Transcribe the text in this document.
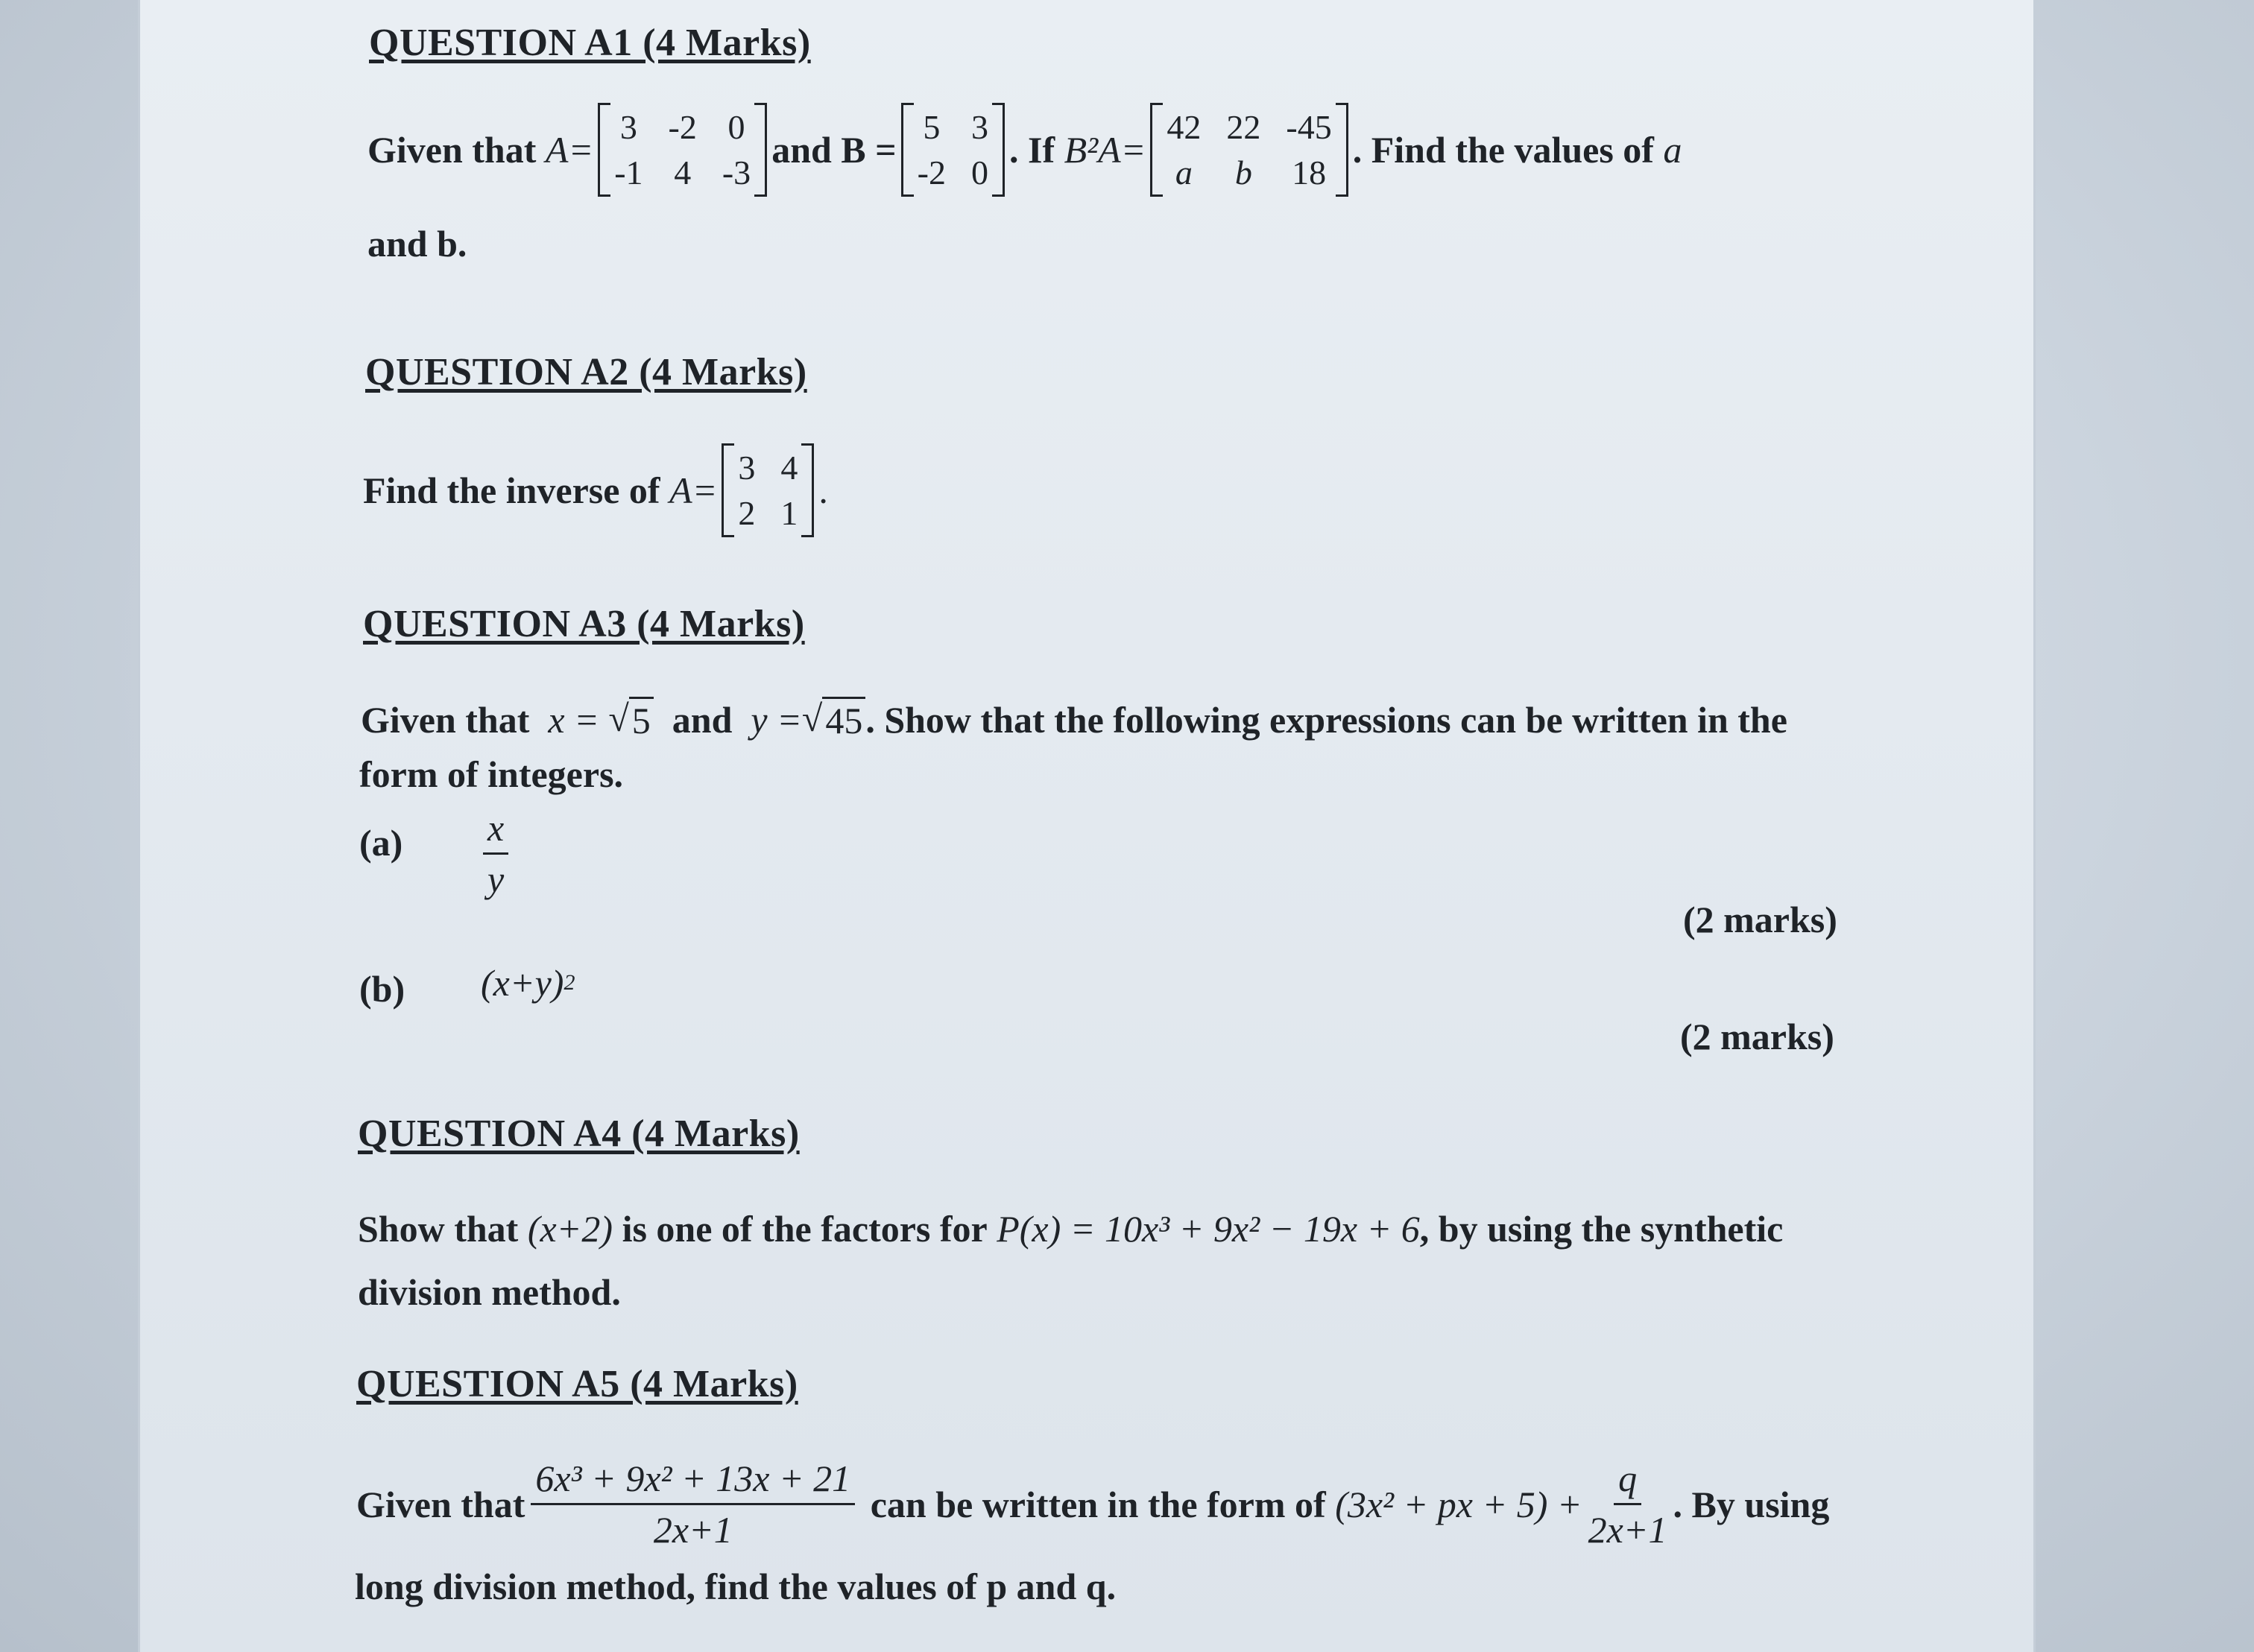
QUESTION A1 (4 Marks)
Given that
A=
3 -2 0
-1 4 -3
and B =
5 3
-2 0
. If
B²A=
42 22 -45
a b 18
. Find the values of
a
and b.
QUESTION A2 (4 Marks)
Find the inverse of
A=
3 4
2 1
.
QUESTION A3 (4 Marks)
Given that
x =
√ 5
and
y = √ 45 . Show that the following expressions can be written in the
form of integers.
$(a) \frac{x}{y}$
(2 marks)
(b) (x+y) 2
(2 marks)
QUESTION A4 (4 Marks)
Show that
(x+2)
is one of the factors for
P(x) = 10x³ + 9x² − 19x + 6 , by using the synthetic
division method.
QUESTION A5 (4 Marks)
Given that $\frac{\text{6x³ + 9x² + 13x + 21}}{2x+1}$
can be written in the form of
(3x² + px + $5) + \frac{q}{2x+1}$ . By using
long division method, find the values of p and q.
